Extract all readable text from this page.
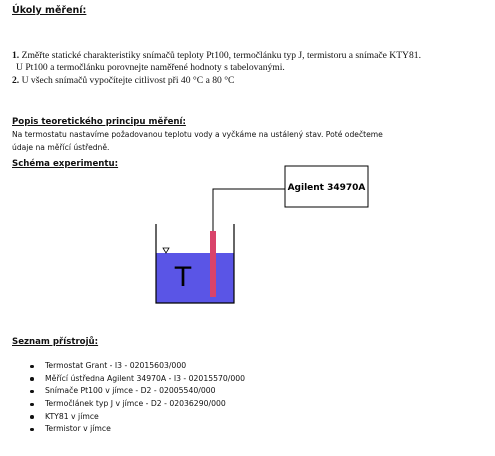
Úkoly měření:
1. Změřte statické charakteristiky snímačů teploty Pt100, termočlánku typ J, termistoru a snímače KTY81.
U Pt100 a termočlánku porovnejte naměřené hodnoty s tabelovanými.
2. U všech snímačů vypočítejte citlivost při 40 °C a 80 °C
Popis teoretického principu měření:
Na termostatu nastavíme požadovanou teplotu vody a vyčkáme na ustálený stav. Poté odečteme
údaje na měřící ústředně.
Schéma experimentu:
Agilent 34970A
T
Seznam přístrojů:
Termostat Grant - I3 - 02015603/000
Měřící ústředna Agilent 34970A - I3 - 02015570/000
Snímače Pt100 v jímce - D2 - 02005540/000
Termočlánek typ J v jímce - D2 - 02036290/000
KTY81 v jímce
Termistor v jímce
